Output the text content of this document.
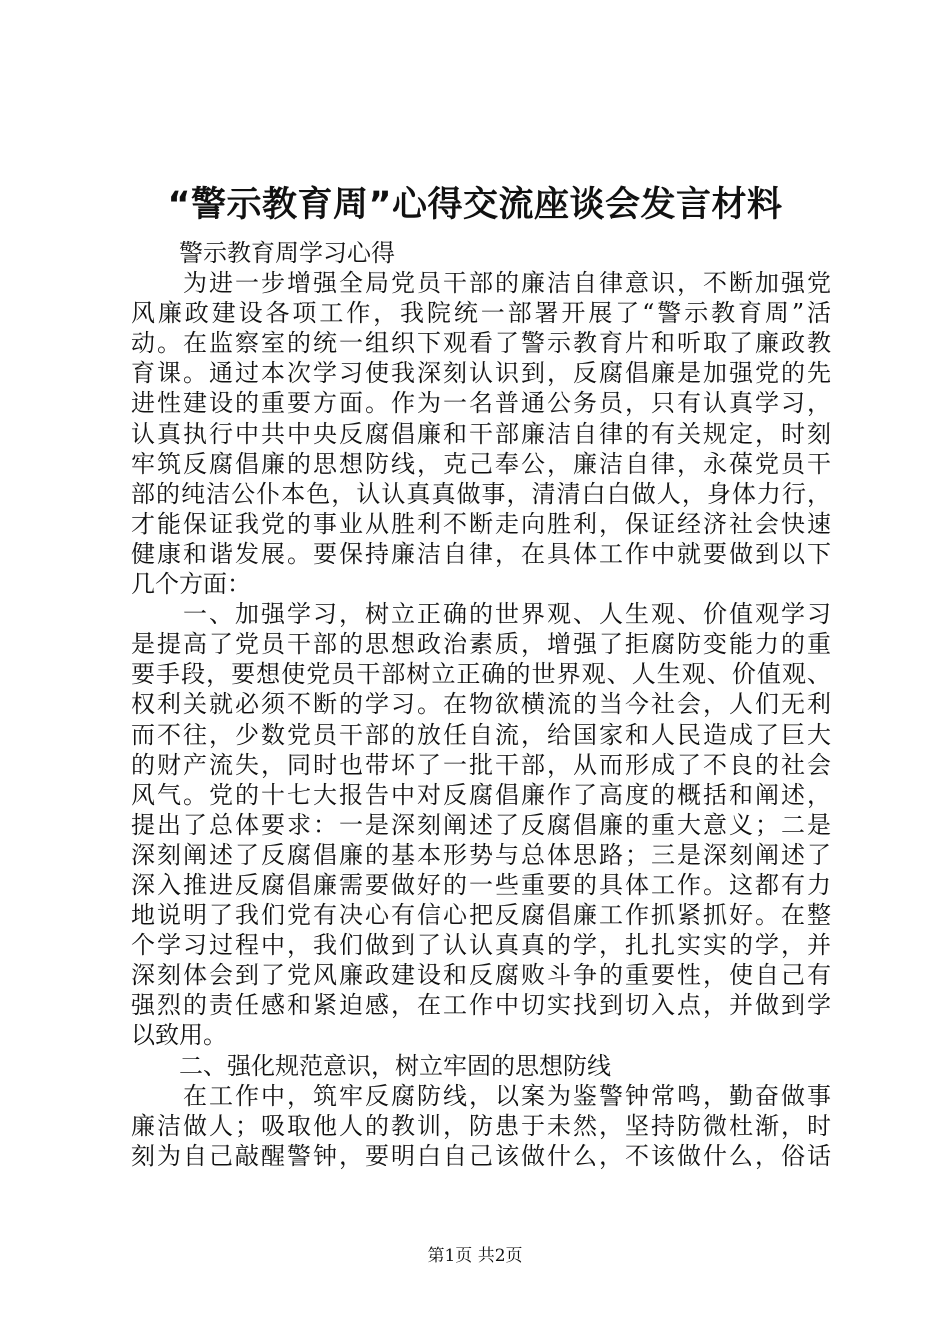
“警示教育周”心得交流座谈会发言材料
警示教育周学习心得
为进一步增强全局党员干部的廉洁自律意识，不断加强党
风廉政建设各项工作，我院统一部署开展了“警示教育周”活
动。在监察室的统一组织下观看了警示教育片和听取了廉政教
育课。通过本次学习使我深刻认识到，反腐倡廉是加强党的先
进性建设的重要方面。作为一名普通公务员，只有认真学习，
认真执行中共中央反腐倡廉和干部廉洁自律的有关规定，时刻
牢筑反腐倡廉的思想防线，克己奉公，廉洁自律，永葆党员干
部的纯洁公仆本色，认认真真做事，清清白白做人，身体力行，
才能保证我党的事业从胜利不断走向胜利，保证经济社会快速
健康和谐发展。要保持廉洁自律，在具体工作中就要做到以下
几个方面：
一、加强学习，树立正确的世界观、人生观、价值观学习
是提高了党员干部的思想政治素质，增强了拒腐防变能力的重
要手段，要想使党员干部树立正确的世界观、人生观、价值观、
权利关就必须不断的学习。在物欲横流的当今社会，人们无利
而不往，少数党员干部的放任自流，给国家和人民造成了巨大
的财产流失，同时也带坏了一批干部，从而形成了不良的社会
风气。党的十七大报告中对反腐倡廉作了高度的概括和阐述，
提出了总体要求：一是深刻阐述了反腐倡廉的重大意义；二是
深刻阐述了反腐倡廉的基本形势与总体思路；三是深刻阐述了
深入推进反腐倡廉需要做好的一些重要的具体工作。这都有力
地说明了我们党有决心有信心把反腐倡廉工作抓紧抓好。在整
个学习过程中，我们做到了认认真真的学，扎扎实实的学，并
深刻体会到了党风廉政建设和反腐败斗争的重要性，使自己有
强烈的责任感和紧迫感，在工作中切实找到切入点，并做到学
以致用。
二、强化规范意识，树立牢固的思想防线
在工作中，筑牢反腐防线，以案为鉴警钟常鸣，勤奋做事
廉洁做人；吸取他人的教训，防患于未然，坚持防微杜渐，时
刻为自己敲醒警钟，要明白自己该做什么，不该做什么，俗话
第1页 共2页
